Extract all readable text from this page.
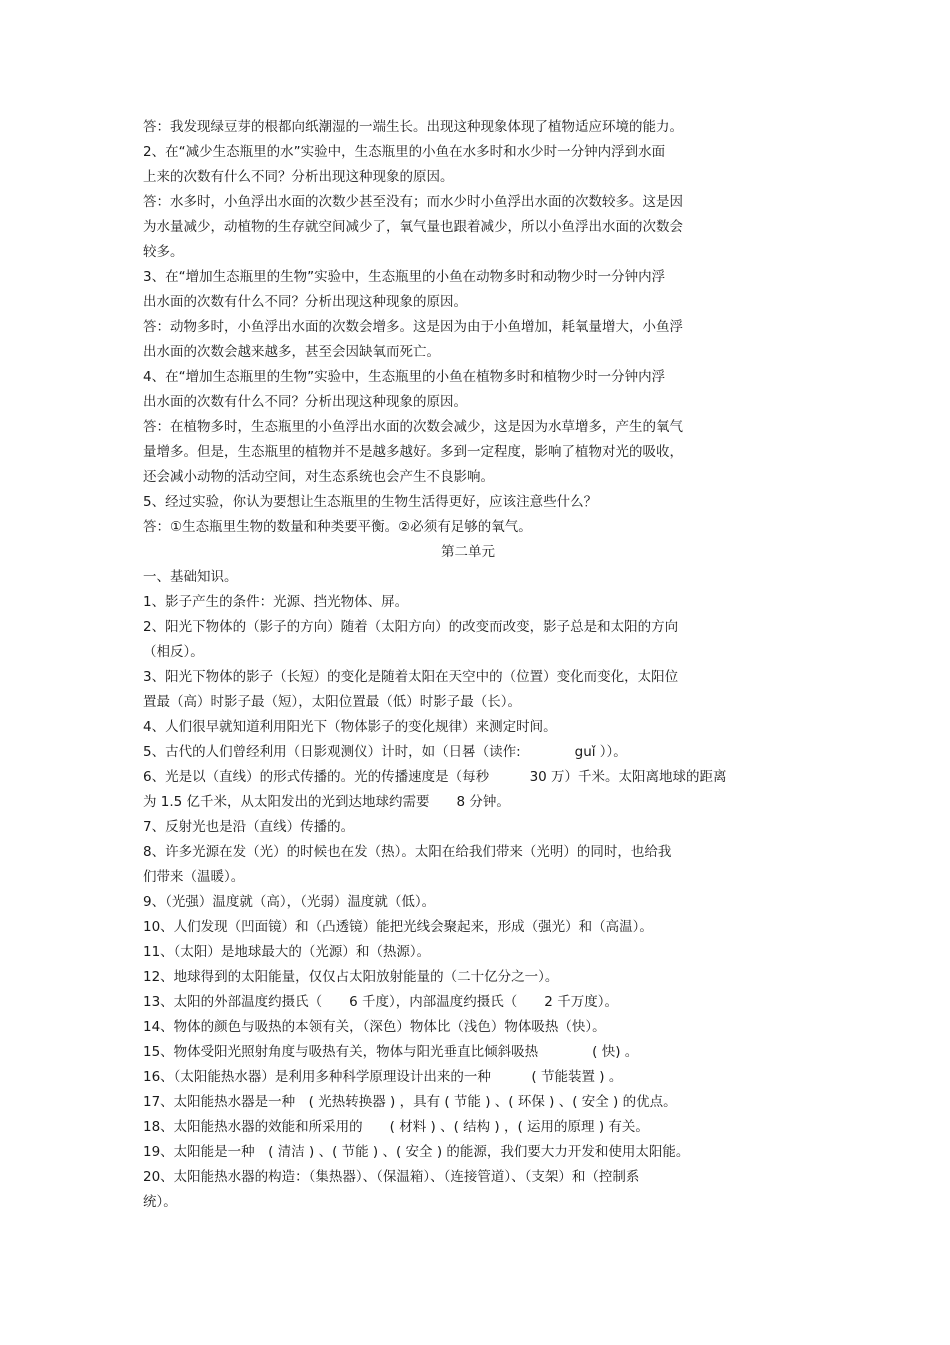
答：我发现绿豆芽的根都向纸潮湿的一端生长。出现这种现象体现了植物适应环境的能力。
2、在“减少生态瓶里的水”实验中，生态瓶里的小鱼在水多时和水少时一分钟内浮到水面
上来的次数有什么不同？分析出现这种现象的原因。
答：水多时，小鱼浮出水面的次数少甚至没有；而水少时小鱼浮出水面的次数较多。这是因
为水量减少，动植物的生存就空间减少了，氧气量也跟着减少，所以小鱼浮出水面的次数会
较多。
3、在“增加生态瓶里的生物”实验中，生态瓶里的小鱼在动物多时和动物少时一分钟内浮
出水面的次数有什么不同？分析出现这种现象的原因。
答：动物多时，小鱼浮出水面的次数会增多。这是因为由于小鱼增加，耗氧量增大，小鱼浮
出水面的次数会越来越多，甚至会因缺氧而死亡。
4、在“增加生态瓶里的生物”实验中，生态瓶里的小鱼在植物多时和植物少时一分钟内浮
出水面的次数有什么不同？分析出现这种现象的原因。
答：在植物多时，生态瓶里的小鱼浮出水面的次数会减少，这是因为水草增多，产生的氧气
量增多。但是，生态瓶里的植物并不是越多越好。多到一定程度，影响了植物对光的吸收，
还会减小动物的活动空间，对生态系统也会产生不良影响。
5、经过实验，你认为要想让生态瓶里的生物生活得更好，应该注意些什么？
答：①生态瓶里生物的数量和种类要平衡。②必须有足够的氧气。
第二单元
一、基础知识。
1、影子产生的条件：光源、挡光物体、屏。
2、阳光下物体的（影子的方向）随着（太阳方向）的改变而改变，影子总是和太阳的方向
（相反）。
3、阳光下物体的影子（长短）的变化是随着太阳在天空中的（位置）变化而变化，太阳位
置最（高）时影子最（短），太阳位置最（低）时影子最（长）。
4、人们很早就知道利用阳光下（物体影子的变化规律）来测定时间。
5、古代的人们曾经利用（日影观测仪）计时，如（日晷（读作:　　　　guǐ ））。
6、光是以（直线）的形式传播的。光的传播速度是（每秒　　　30 万）千米。太阳离地球的距离
为 1.5 亿千米，从太阳发出的光到达地球约需要　　8 分钟。
7、反射光也是沿（直线）传播的。
8、许多光源在发（光）的时候也在发（热）。太阳在给我们带来（光明）的同时，也给我
们带来（温暖）。
9、（光强）温度就（高），（光弱）温度就（低）。
10、人们发现（凹面镜）和（凸透镜）能把光线会聚起来，形成（强光）和（高温）。
11、（太阳）是地球最大的（光源）和（热源）。
12、地球得到的太阳能量，仅仅占太阳放射能量的（二十亿分之一）。
13、太阳的外部温度约摄氏（　　6 千度），内部温度约摄氏（　　2 千万度）。
14、物体的颜色与吸热的本领有关，（深色）物体比（浅色）物体吸热（快）。
15、物体受阳光照射角度与吸热有关，物体与阳光垂直比倾斜吸热　　　　( 快) 。
16、（太阳能热水器）是利用多种科学原理设计出来的一种　　　( 节能装置 ) 。
17、太阳能热水器是一种　( 光热转换器 ) ，具有 ( 节能 ) 、( 环保 ) 、( 安全 ) 的优点。
18、太阳能热水器的效能和所采用的　　( 材料 ) 、( 结构 ) ，( 运用的原理 ) 有关。
19、太阳能是一种　( 清洁 ) 、( 节能 ) 、( 安全 ) 的能源，我们要大力开发和使用太阳能。
20、太阳能热水器的构造：（集热器）、（保温箱）、（连接管道）、（支架）和（控制系
统）。
